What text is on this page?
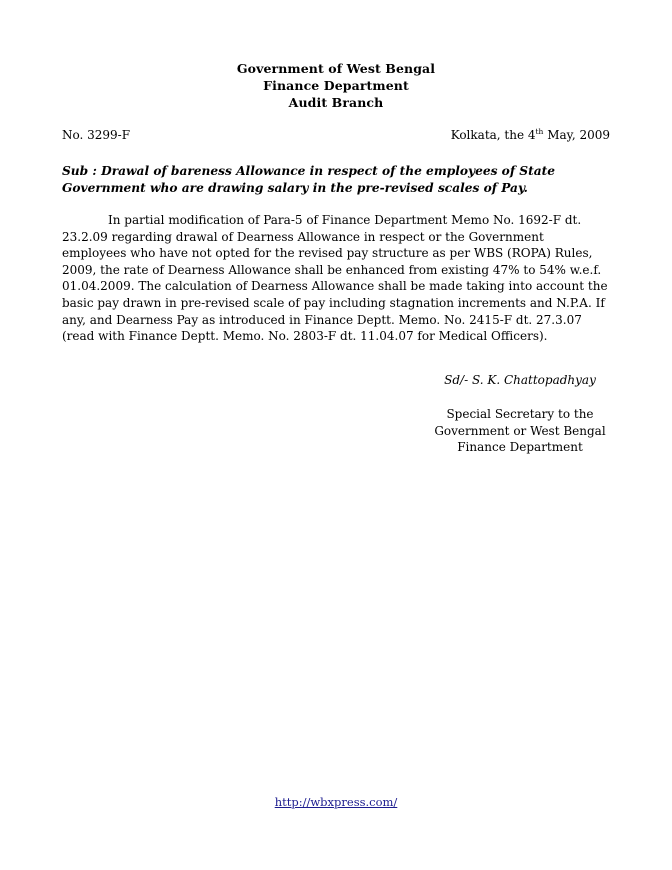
Government of West Bengal
Finance Department
Audit Branch
No. 3299-F	Kolkata, the 4th May, 2009
Sub : Drawal of bareness Allowance in respect of the employees of State Government who are drawing salary in the pre-revised scales of Pay.
In partial modification of Para-5 of Finance Department Memo No. 1692-F dt. 23.2.09 regarding drawal of Dearness Allowance in respect or the Government employees who have not opted for the revised pay structure as per WBS (ROPA) Rules, 2009, the rate of Dearness Allowance shall be enhanced from existing 47% to 54% w.e.f. 01.04.2009. The calculation of Dearness Allowance shall be made taking into account the basic pay drawn in pre-revised scale of pay including stagnation increments and N.P.A. If any, and Dearness Pay as introduced in Finance Deptt. Memo. No. 2415-F dt. 27.3.07 (read with Finance Deptt. Memo. No. 2803-F dt. 11.04.07 for Medical Officers).
Sd/- S. K. Chattopadhyay
Special Secretary to the
Government or West Bengal
Finance Department
http://wbxpress.com/
